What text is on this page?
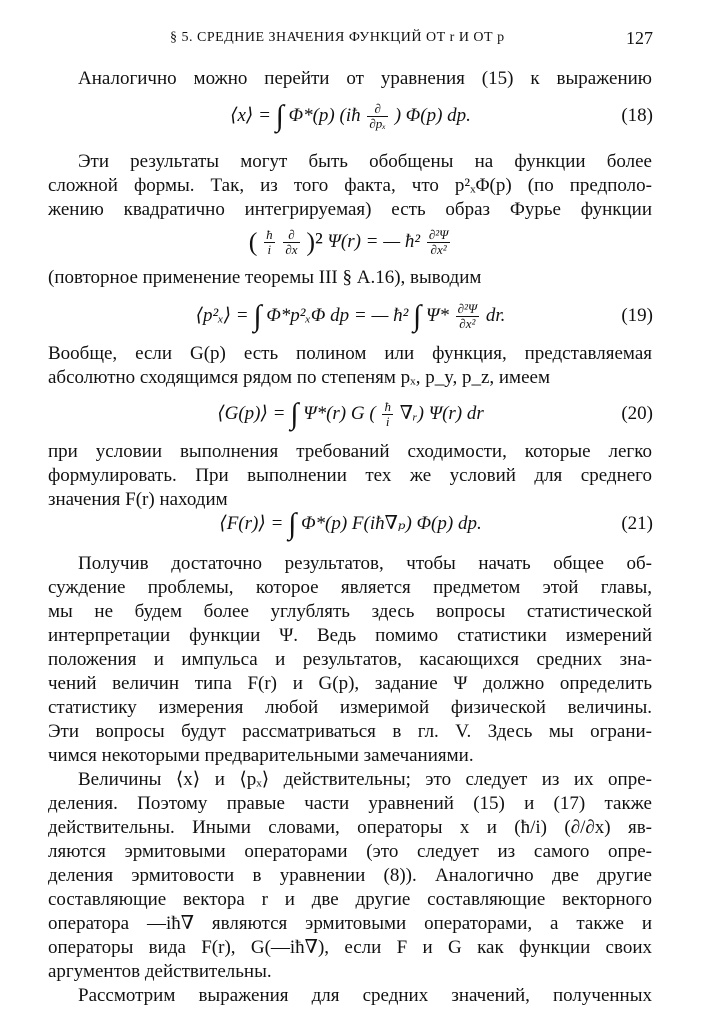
§ 5. СРЕДНИЕ ЗНАЧЕНИЯ ФУНКЦИЙ ОТ r И ОТ p	127
Аналогично можно перейти от уравнения (15) к выражению
⟨x⟩ = ∫ Φ*(p) (iħ $\frac{\partial}{\text{∂pₓ}}$ ) Φ(p) dp.	(18)
Эти результаты могут быть обобщены на функции более
сложной формы. Так, из того факта, что p²ₓΦ(p) (по предполо-
жению квадратично интегрируемая) есть образ Фурье функции
( $\frac{ħ}{i}$
$\frac{\partial}{\partial x} )^2$ Ψ(r) = — ħ² $\frac{\text{∂²Ψ}}{\text{∂x²}}$
(повторное применение теоремы III § А.16), выводим
⟨p²ₓ⟩ = ∫ Φ*p²ₓΦ dp = — ħ² ∫ $\Psi* \frac{\text{∂²Ψ}}{\text{∂x²}}$ dr.	(19)
Вообще, если G(p) есть полином или функция, представляемая
абсолютно сходящимся рядом по степеням pₓ, p_y, p_z, имеем
⟨G(p)⟩ = ∫ Ψ*(r) G ( $\frac{ħ}{i}$ ∇ᵣ) Ψ(r) dr	(20)
при условии выполнения требований сходимости, которые легко
формулировать. При выполнении тех же условий для среднего
значения F(r) находим
⟨F(r)⟩ = ∫ Φ*(p) F(iħ∇ₚ) Φ(p) dp.	(21)
Получив достаточно результатов, чтобы начать общее об-
суждение проблемы, которое является предметом этой главы,
мы не будем более углублять здесь вопросы статистической
интерпретации функции Ψ. Ведь помимо статистики измерений
положения и импульса и результатов, касающихся средних зна-
чений величин типа F(r) и G(p), задание Ψ должно определить
статистику измерения любой измеримой физической величины.
Эти вопросы будут рассматриваться в гл. V. Здесь мы ограни-
чимся некоторыми предварительными замечаниями.
Величины ⟨x⟩ и ⟨pₓ⟩ действительны; это следует из их опре-
деления. Поэтому правые части уравнений (15) и (17) также
действительны. Иными словами, операторы x и (ħ/i) (∂/∂x) яв-
ляются эрмитовыми операторами (это следует из самого опре-
деления эрмитовости в уравнении (8)). Аналогично две другие
составляющие вектора r и две другие составляющие векторного
оператора —iħ∇ являются эрмитовыми операторами, а также и
операторы вида F(r), G(—iħ∇), если F и G как функции своих
аргументов действительны.
Рассмотрим выражения для средних значений, полученных
